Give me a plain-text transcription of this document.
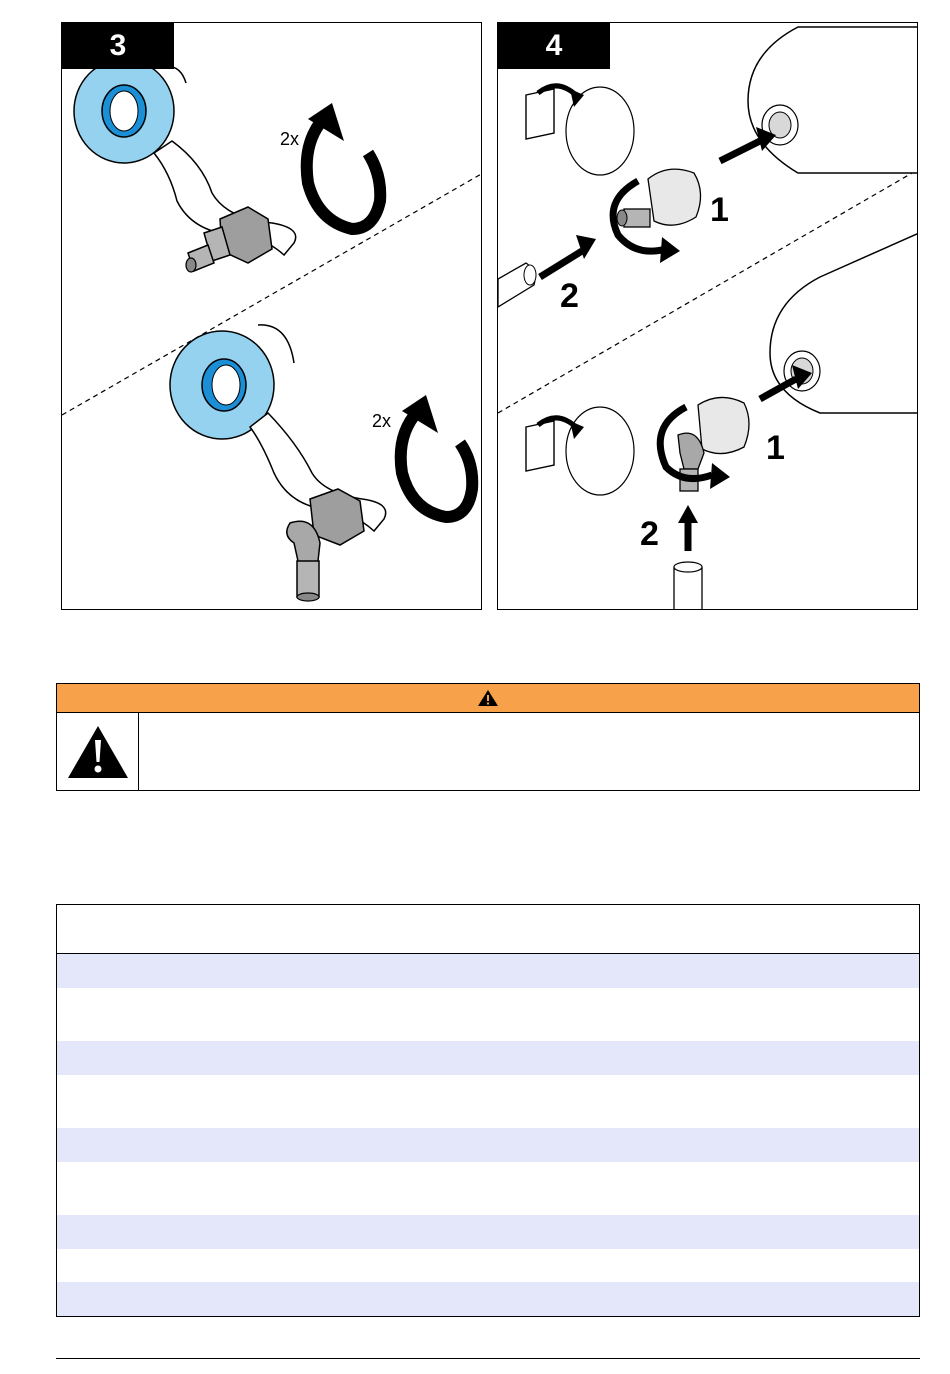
3
2x
2x
4
1
2
1
2
